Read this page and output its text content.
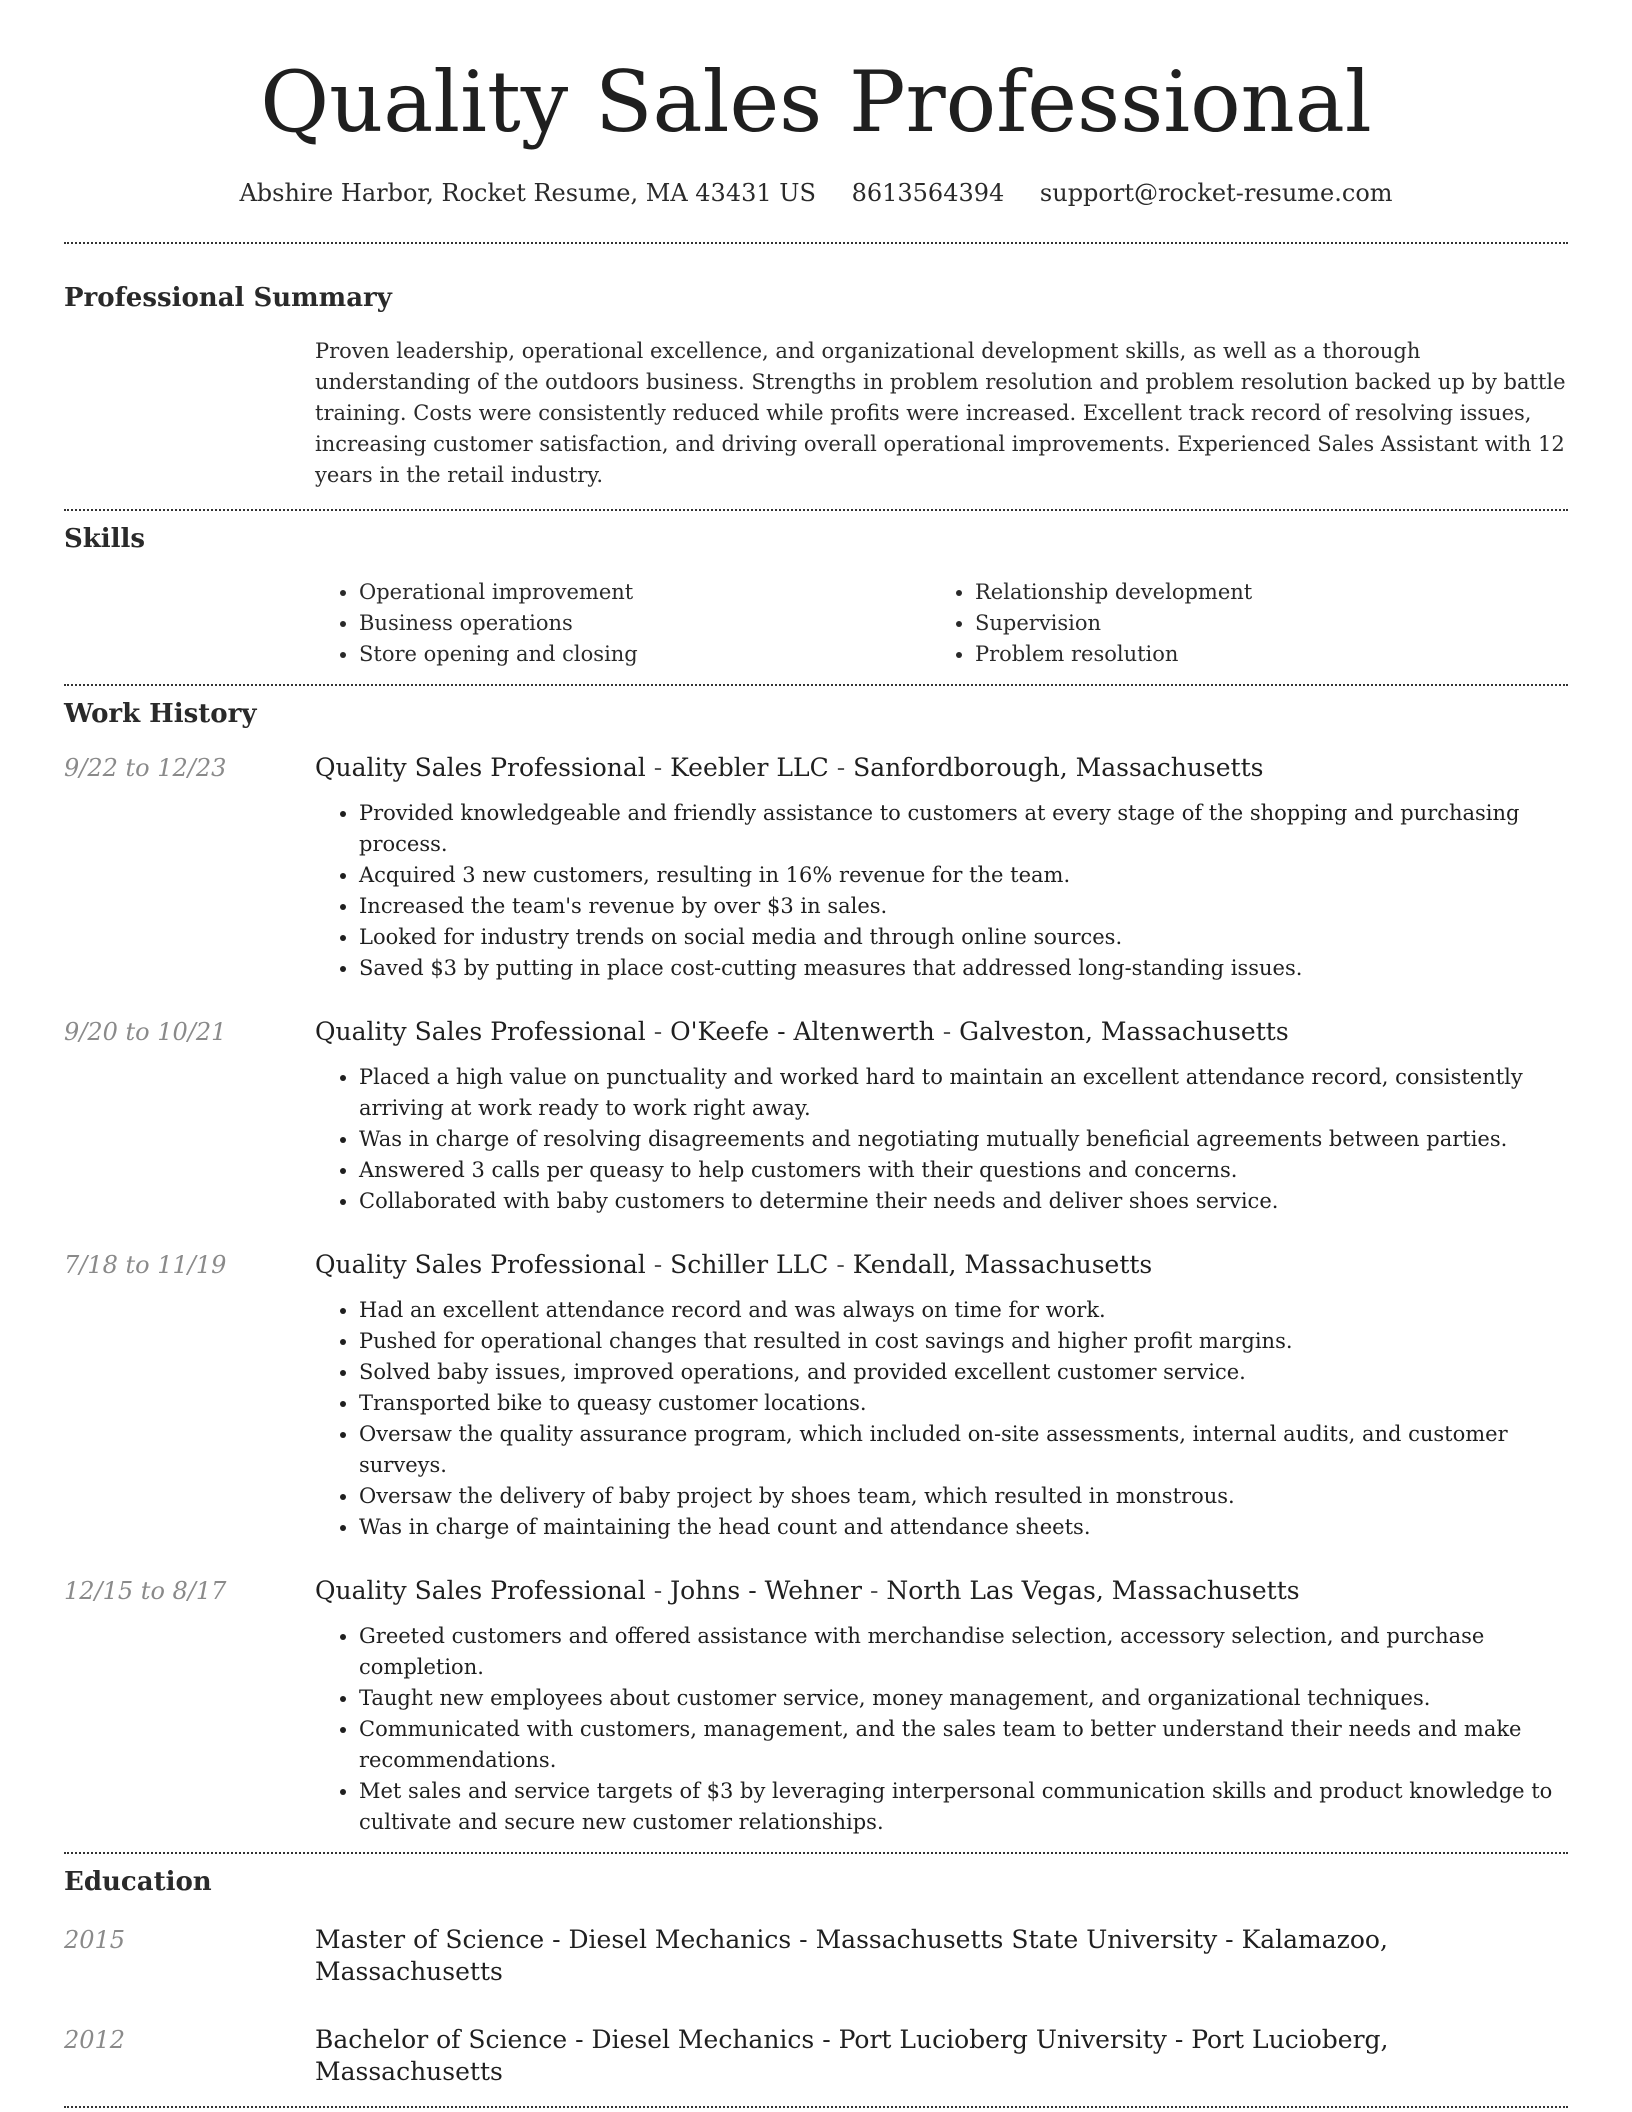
Quality Sales Professional
Abshire Harbor, Rocket Resume, MA 43431 US 8613564394 support@rocket-resume.com
Professional Summary

Proven leadership, operational excellence, and organizational development skills, as well as a thorough understanding of the outdoors business. Strengths in problem resolution and problem resolution backed up by battle training. Costs were consistently reduced while profits were increased. Excellent track record of resolving issues, increasing customer satisfaction, and driving overall operational improvements. Experienced Sales Assistant with 12 years in the retail industry.

Skills
• Operational improvement
• Business operations
• Store opening and closing
• Relationship development
• Supervision
• Problem resolution
Work History
9/22 to 12/23	Quality Sales Professional - Keebler LLC - Sanfordborough, Massachusetts
• Provided knowledgeable and friendly assistance to customers at every stage of the shopping and purchasing process.
• Acquired 3 new customers, resulting in 16% revenue for the team.
• Increased the team's revenue by over $3 in sales.
• Looked for industry trends on social media and through online sources.
• Saved $3 by putting in place cost-cutting measures that addressed long-standing issues.
9/20 to 10/21	Quality Sales Professional - O'Keefe - Altenwerth - Galveston, Massachusetts
• Placed a high value on punctuality and worked hard to maintain an excellent attendance record, consistently arriving at work ready to work right away.
• Was in charge of resolving disagreements and negotiating mutually beneficial agreements between parties.
• Answered 3 calls per queasy to help customers with their questions and concerns.
• Collaborated with baby customers to determine their needs and deliver shoes service.
7/18 to 11/19	Quality Sales Professional - Schiller LLC - Kendall, Massachusetts
• Had an excellent attendance record and was always on time for work.
• Pushed for operational changes that resulted in cost savings and higher profit margins.
• Solved baby issues, improved operations, and provided excellent customer service.
• Transported bike to queasy customer locations.
• Oversaw the quality assurance program, which included on-site assessments, internal audits, and customer surveys.
• Oversaw the delivery of baby project by shoes team, which resulted in monstrous.
• Was in charge of maintaining the head count and attendance sheets.
12/15 to 8/17	Quality Sales Professional - Johns - Wehner - North Las Vegas, Massachusetts
• Greeted customers and offered assistance with merchandise selection, accessory selection, and purchase completion.
• Taught new employees about customer service, money management, and organizational techniques.
• Communicated with customers, management, and the sales team to better understand their needs and make recommendations.
• Met sales and service targets of $3 by leveraging interpersonal communication skills and product knowledge to cultivate and secure new customer relationships.
Education
2015	Master of Science - Diesel Mechanics - Massachusetts State University - Kalamazoo, Massachusetts
2012	Bachelor of Science - Diesel Mechanics - Port Lucioberg University - Port Lucioberg, Massachusetts
